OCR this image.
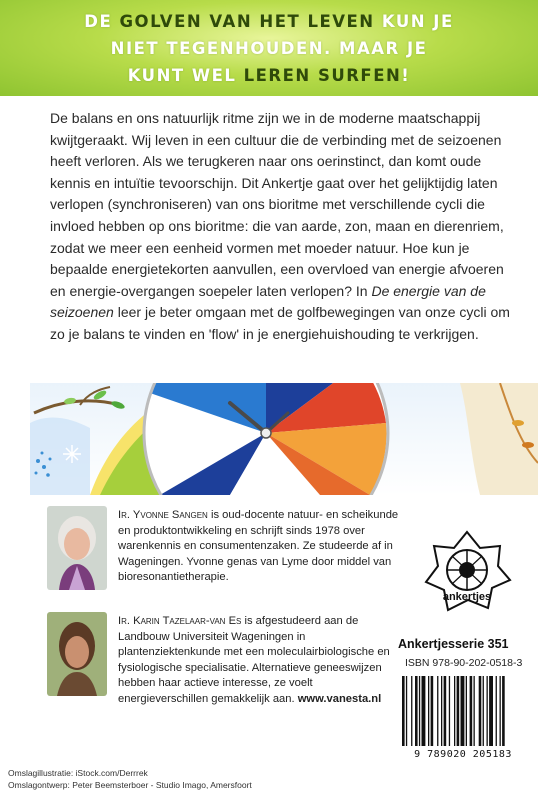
DE GOLVEN VAN HET LEVEN KUN JE
NIET TEGENHOUDEN. MAAR JE
KUNT WEL LEREN SURFEN!
De balans en ons natuurlijk ritme zijn we in de moderne maatschappij kwijtgeraakt. Wij leven in een cultuur die de verbinding met de seizoenen heeft verloren. Als we terugkeren naar ons oerinstinct, dan komt oude kennis en intuïtie tevoorschijn. Dit Ankertje gaat over het gelijktijdig laten verlopen (synchroniseren) van ons bioritme met verschillende cycli die invloed hebben op ons bioritme: die van aarde, zon, maan en dierenriem, zodat we meer een eenheid vormen met moeder natuur. Hoe kun je bepaalde energietekorten aanvullen, een overvloed van energie afvoeren en energie-overgangen soepeler laten verlopen? In De energie van de seizoenen leer je beter omgaan met de golfbewegingen van onze cycli om zo je balans te vinden en 'flow' in je energiehuishouding te verkrijgen.
Ir. Yvonne Sangen is oud-docente natuur- en scheikunde en produktontwikkeling en schrijft sinds 1978 over warenkennis en consumentenzaken. Ze studeerde af in Wageningen. Yvonne genas van Lyme door middel van bioresonantietherapie.
Ir. Karin Tazelaar-van Es is afgestudeerd aan de Landbouw Universiteit Wageningen in plantenziektenkunde met een moleculairbiologische en fysiologische specialisatie. Alternatieve geneeswijzen hebben haar actieve interesse, ze voelt energieverschillen gemakkelijk aan. www.vanesta.nl
ankertjes
Ankertjesserie 351
ISBN 978-90-202-0518-3
9 789020 205183
Omslagillustratie: iStock.com/Derrrek
Omslagontwerp: Peter Beemsterboer - Studio Imago, Amersfoort
